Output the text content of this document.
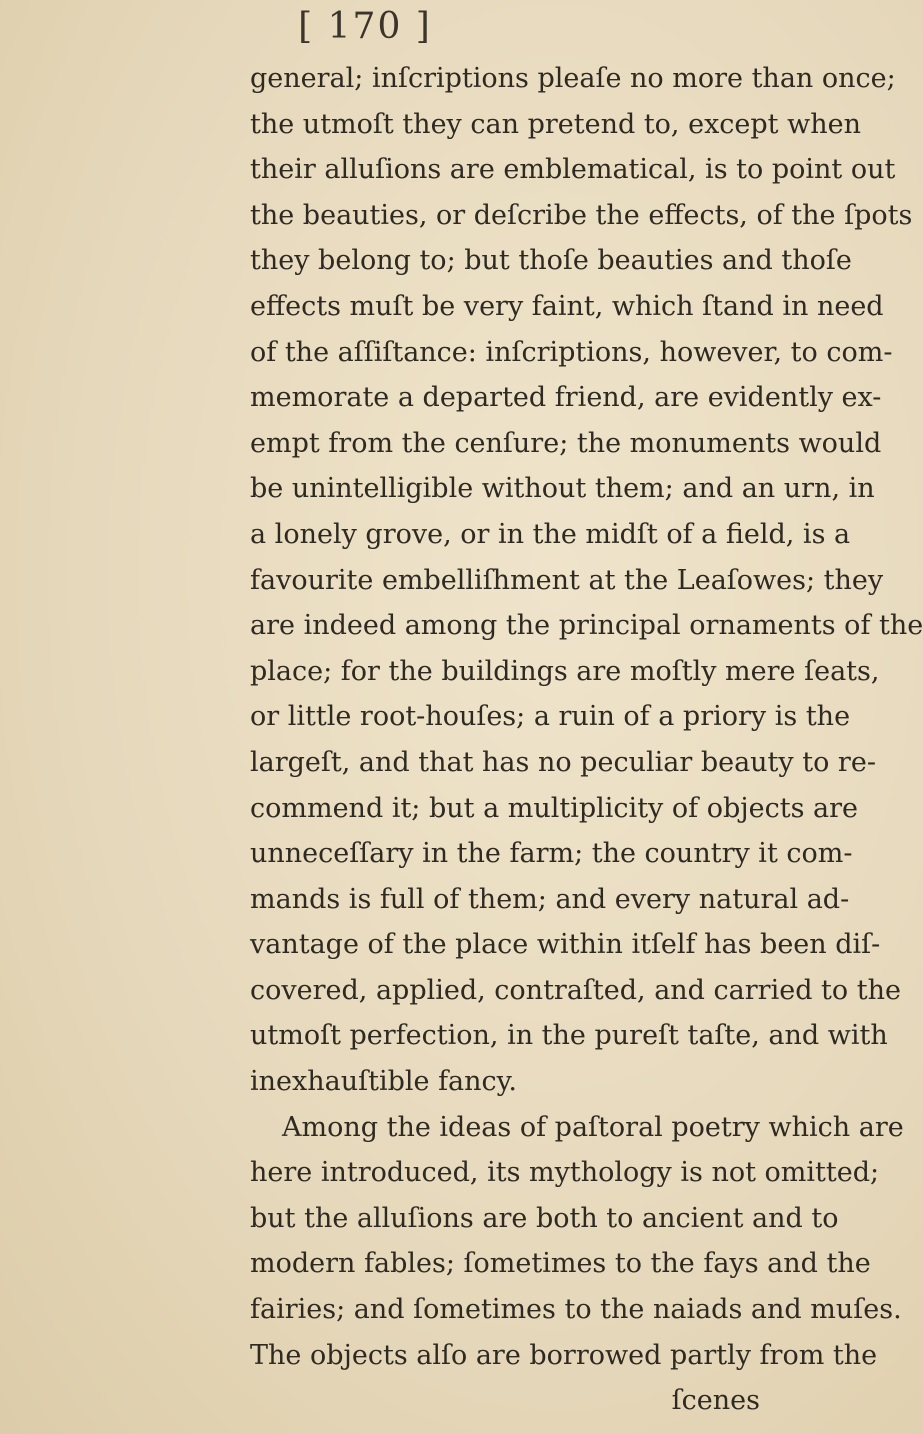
[ 170 ]
general; inſcriptions pleaſe no more than once;
the utmoſt they can pretend to, except when
their alluſions are emblematical, is to point out
the beauties, or deſcribe the effects, of the ſpots
they belong to; but thoſe beauties and thoſe
effects muſt be very faint, which ſtand in need
of the aſſiſtance: inſcriptions, however, to com-
memorate a departed friend, are evidently ex-
empt from the cenſure; the monuments would
be unintelligible without them; and an urn, in
a lonely grove, or in the midſt of a field, is a
favourite embelliſhment at the Leaſowes; they
are indeed among the principal ornaments of the
place; for the buildings are moſtly mere ſeats,
or little root-houſes; a ruin of a priory is the
largeſt, and that has no peculiar beauty to re-
commend it; but a multiplicity of objects are
unneceſſary in the farm; the country it com-
mands is full of them; and every natural ad-
vantage of the place within itſelf has been diſ-
covered, applied, contraſted, and carried to the
utmoſt perfection, in the pureſt taſte, and with
inexhauſtible fancy.
Among the ideas of paſtoral poetry which are
here introduced, its mythology is not omitted;
but the alluſions are both to ancient and to
modern fables; ſometimes to the fays and the
fairies; and ſometimes to the naiads and muſes.
The objects alſo are borrowed partly from the
ſcenes
